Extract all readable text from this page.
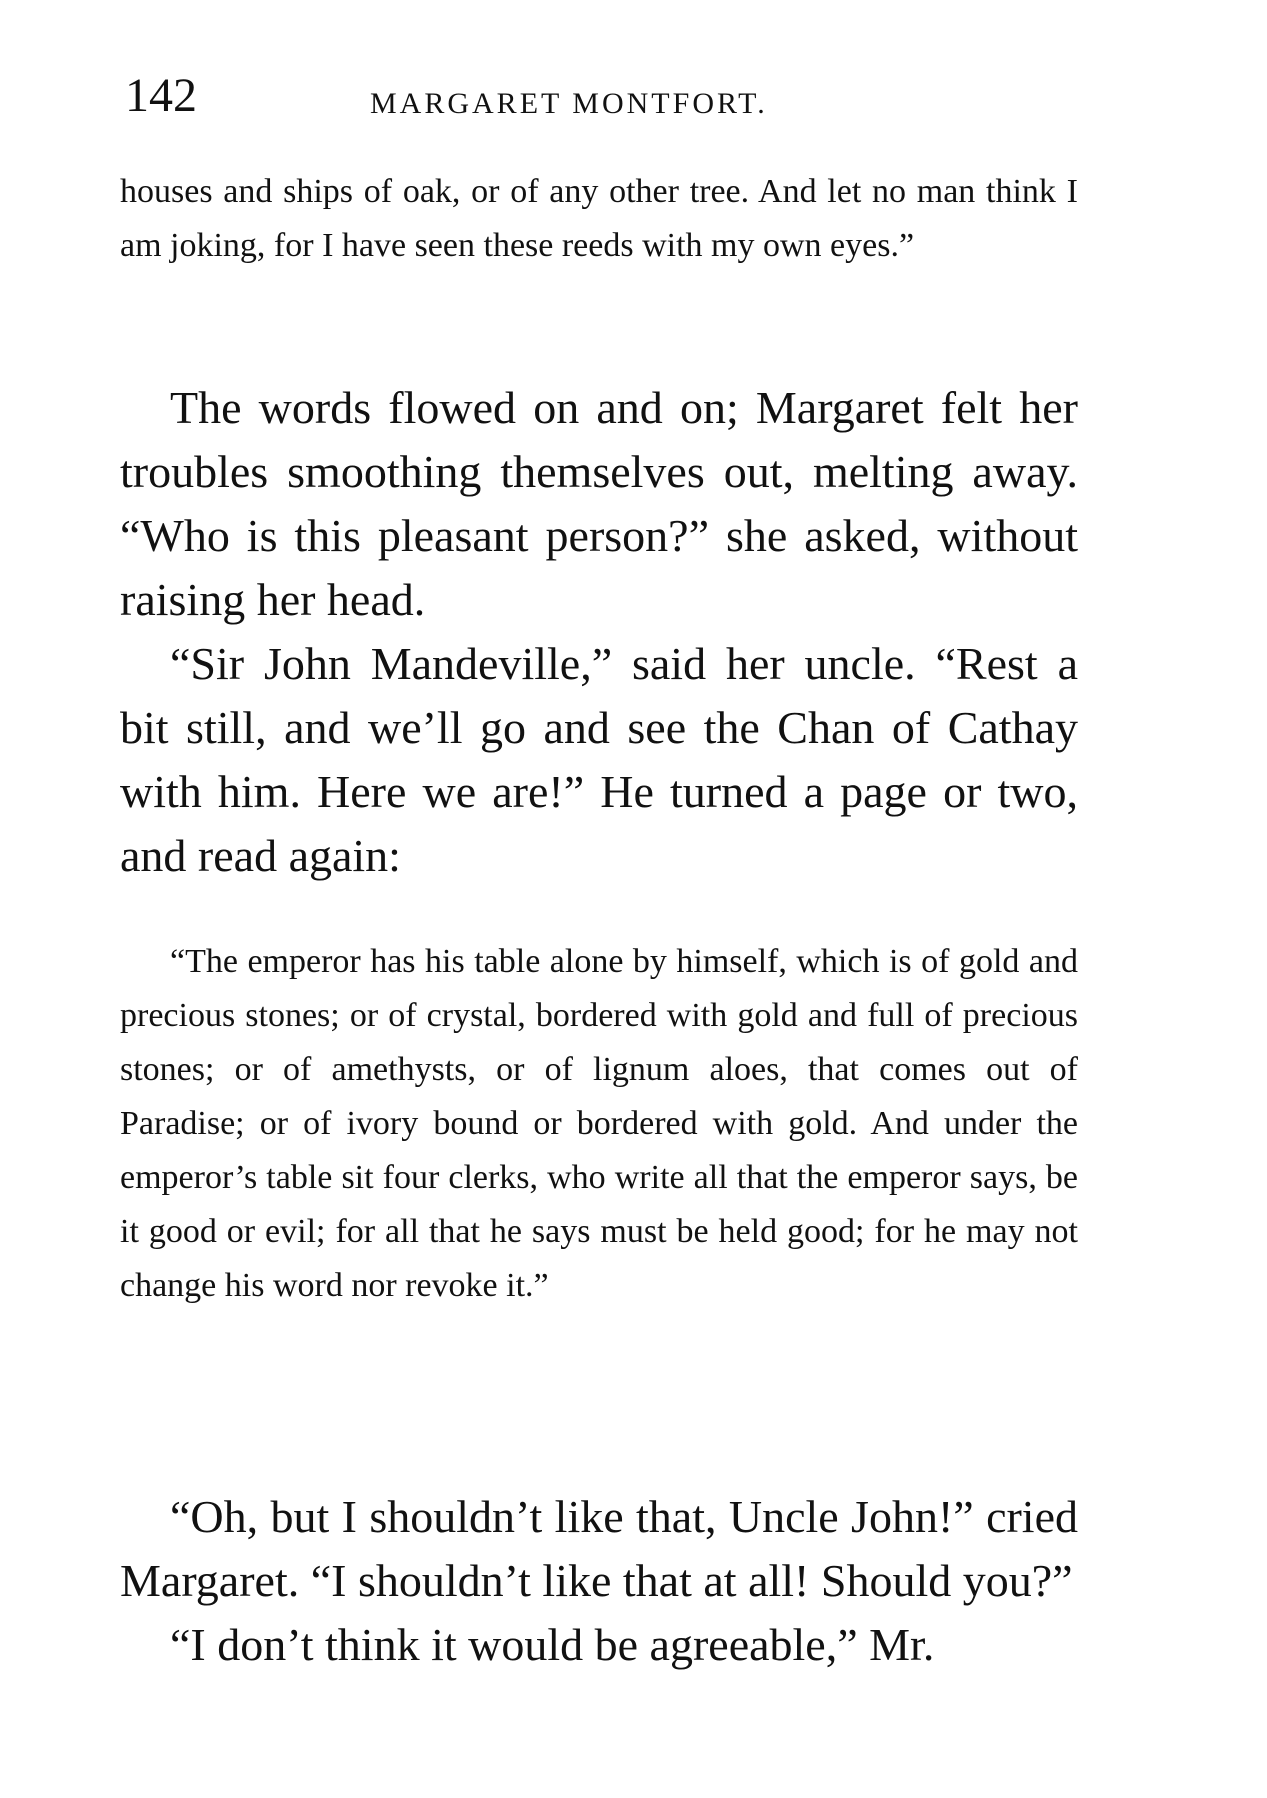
142	MARGARET MONTFORT.

houses and ships of oak, or of any other tree. And let no man think I am joking, for I have seen these reeds with my own eyes.”

The words flowed on and on; Margaret felt her troubles smoothing themselves out, melting away. “Who is this pleasant person?” she asked, without raising her head.

“Sir John Mandeville,” said her uncle. “Rest a bit still, and we’ll go and see the Chan of Cathay with him. Here we are!” He turned a page or two, and read again:

“The emperor has his table alone by himself, which is of gold and precious stones; or of crystal, bordered with gold and full of precious stones; or of amethysts, or of lignum aloes, that comes out of Paradise; or of ivory bound or bordered with gold. And under the emperor’s table sit four clerks, who write all that the emperor says, be it good or evil; for all that he says must be held good; for he may not change his word nor revoke it.”

“Oh, but I shouldn’t like that, Uncle John!” cried Margaret. “I shouldn’t like that at all! Should you?”

“I don’t think it would be agreeable,” Mr.
